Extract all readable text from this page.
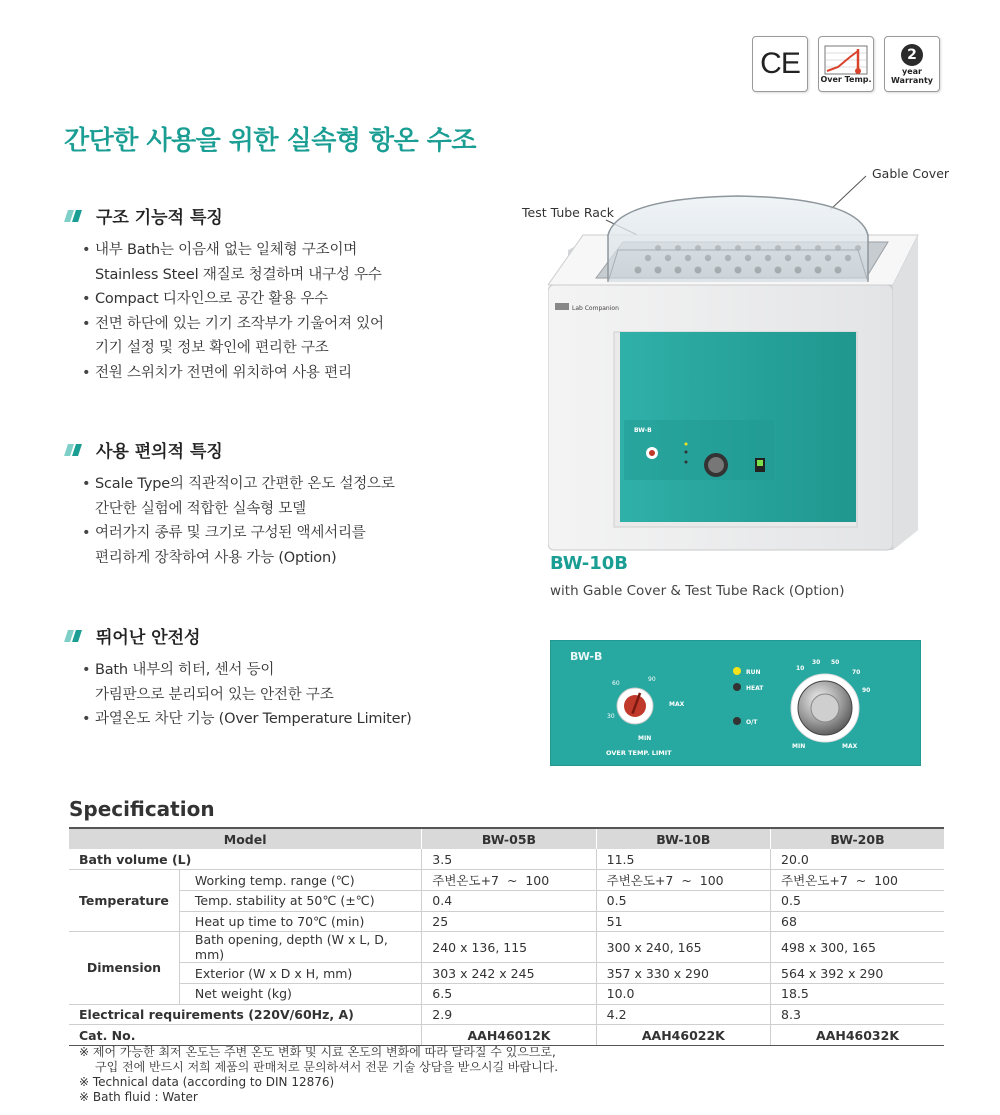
CE	Over Temp.
2
year
Warranty
간단한 사용을 위한 실속형 항온 수조
구조 기능적 특징
• 내부 Bath는 이음새 없는 일체형 구조이며
Stainless Steel 재질로 청결하며 내구성 우수
• Compact 디자인으로 공간 활용 우수
• 전면 하단에 있는 기기 조작부가 기울어져 있어
기기 설정 및 정보 확인에 편리한 구조
• 전원 스위치가 전면에 위치하여 사용 편리
사용 편의적 특징
• Scale Type의 직관적이고 간편한 온도 설정으로
간단한 실험에 적합한 실속형 모델
• 여러가지 종류 및 크기로 구성된 액세서리를
편리하게 장착하여 사용 가능 (Option)
뛰어난 안전성
• Bath 내부의 히터, 센서 등이
가림판으로 분리되어 있는 안전한 구조
• 과열온도 차단 기능 (Over Temperature Limiter)
Test Tube Rack
Gable Cover
Lab Companion
BW-B
BW-10B
with Gable Cover & Test Tube Rack (Option)
BW-B
30
60
90
MAX
MIN
OVER TEMP. LIMIT
RUN
HEAT
O/T
10
30 50
70
90
MIN	MAX
Specification
Model		BW-05B	BW-10B	BW-20B
Bath volume (L)		3.5	11.5	20.0
Temperature	Working temp. range (℃)	주변온도+7  ~  100	주변온도+7  ~  100	주변온도+7  ~  100
	Temp. stability at 50℃ (±℃)	0.4	0.5	0.5
	Heat up time to 70℃ (min)	25	51	68
Dimension	Bath opening, depth (W x L, D, mm)	240 x 136, 115	300 x 240, 165	498 x 300, 165
	Exterior (W x D x H, mm)	303 x 242 x 245	357 x 330 x 290	564 x 392 x 290
	Net weight (kg)	6.5	10.0	18.5
Electrical requirements (220V/60Hz, A)		2.9	4.2	8.3
Cat. No.		AAH46012K	AAH46022K	AAH46032K
※ 제어 가능한 최저 온도는 주변 온도 변화 및 시료 온도의 변화에 따라 달라질 수 있으므로,
구입 전에 반드시 저희 제품의 판매처로 문의하셔서 전문 기술 상담을 받으시길 바랍니다.
※ Technical data (according to DIN 12876)
※ Bath fluid : Water
